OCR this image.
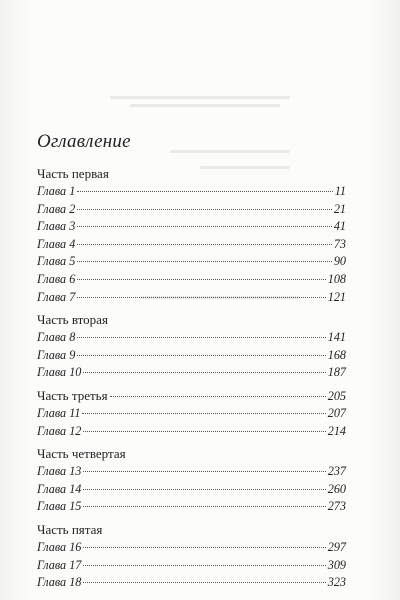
Оглавление
Часть первая
Глава 1	11
Глава 2	21
Глава 3	41
Глава 4	73
Глава 5	90
Глава 6	108
Глава 7	121
Часть вторая
Глава 8	141
Глава 9	168
Глава 10	187
Часть третья	205
Глава 11	207
Глава 12	214
Часть четвертая
Глава 13	237
Глава 14	260
Глава 15	273
Часть пятая
Глава 16	297
Глава 17	309
Глава 18	323
